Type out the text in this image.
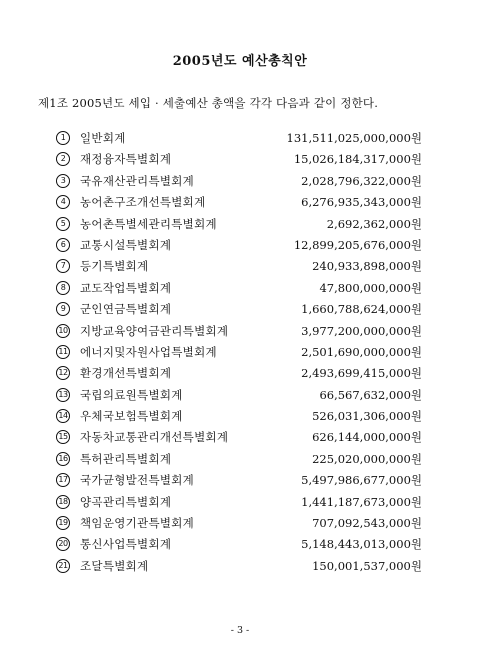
2005년도 예산총칙안
제1조 2005년도 세입 · 세출예산 총액을 각각 다음과 같이 정한다.
1	일반회계	131,511,025,000,000원
2	재정융자특별회계	15,026,184,317,000원
3	국유재산관리특별회계	2,028,796,322,000원
4	농어촌구조개선특별회계	6,276,935,343,000원
5	농어촌특별세관리특별회계	2,692,362,000원
6	교통시설특별회계	12,899,205,676,000원
7	등기특별회계	240,933,898,000원
8	교도작업특별회계	47,800,000,000원
9	군인연금특별회계	1,660,788,624,000원
10 지방교육양여금관리특별회계	3,977,200,000,000원
11 에너지및자원사업특별회계	2,501,690,000,000원
12 환경개선특별회계	2,493,699,415,000원
13 국립의료원특별회계	66,567,632,000원
14 우체국보험특별회계	526,031,306,000원
15 자동차교통관리개선특별회계	626,144,000,000원
16 특허관리특별회계	225,020,000,000원
17 국가균형발전특별회계	5,497,986,677,000원
18 양곡관리특별회계	1,441,187,673,000원
19 책임운영기관특별회계	707,092,543,000원
20 통신사업특별회계	5,148,443,013,000원
21 조달특별회계	150,001,537,000원
- 3 -
